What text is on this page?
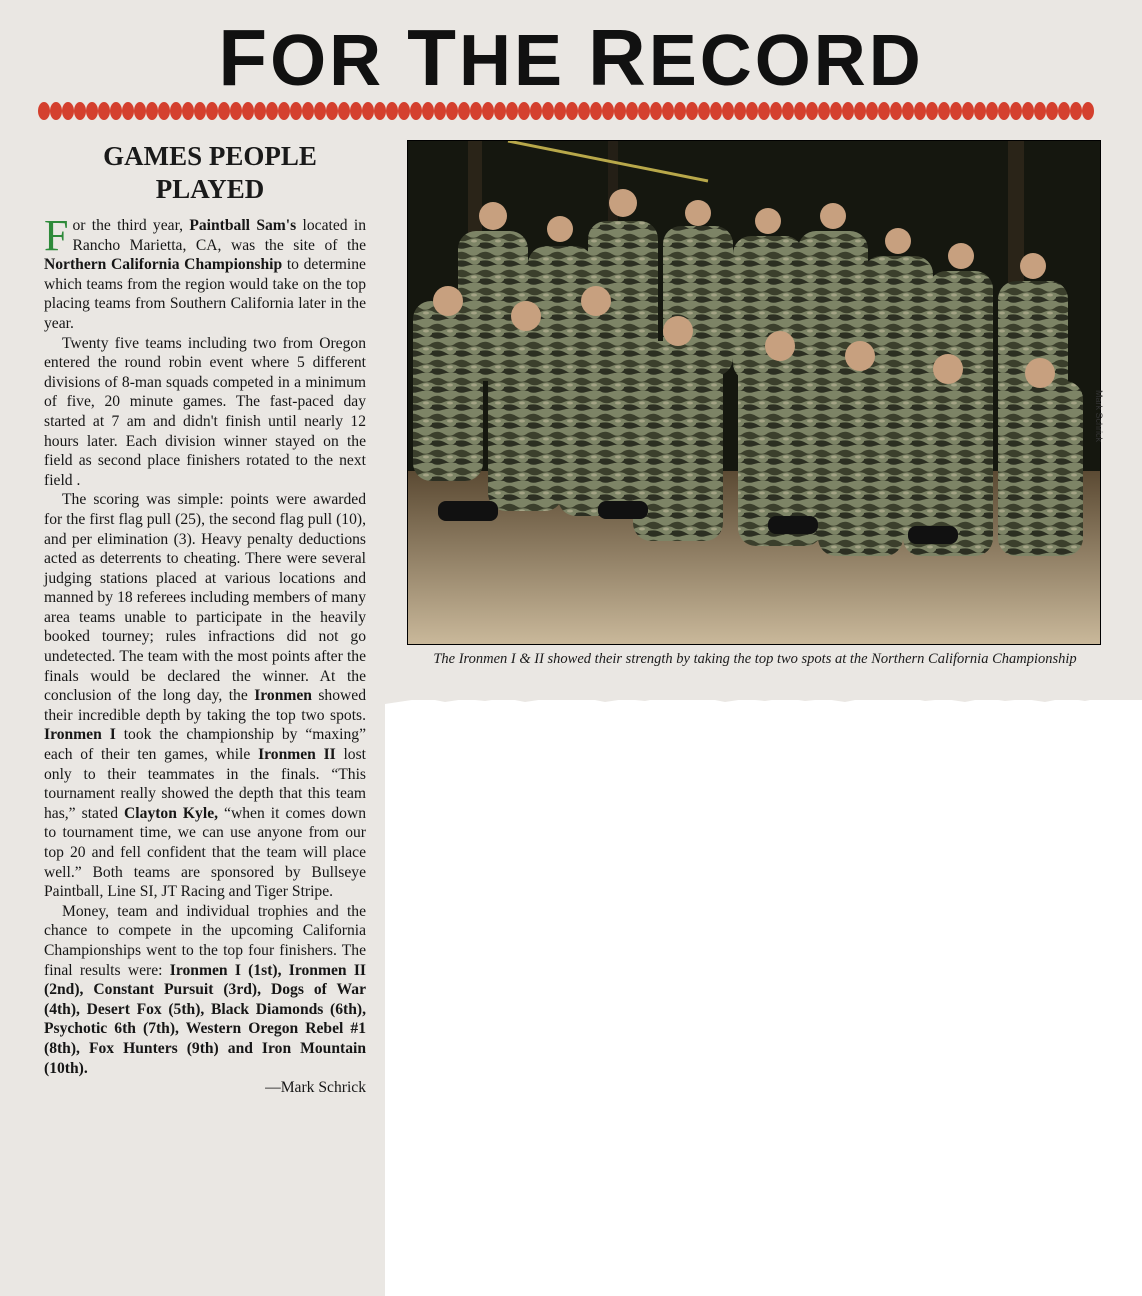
FOR THE RECORD
GAMES PEOPLE
PLAYED

For the third year, Paintball Sam's located in Rancho Marietta, CA, was the site of the Northern California Championship to determine which teams from the region would take on the top placing teams from Southern California later in the year.

Twenty five teams including two from Oregon entered the round robin event where 5 different divisions of 8-man squads competed in a minimum of five, 20 minute games. The fast-paced day started at 7 am and didn't finish until nearly 12 hours later. Each division winner stayed on the field as second place finishers rotated to the next field .

The scoring was simple: points were awarded for the first flag pull (25), the second flag pull (10), and per elimination (3). Heavy penalty deductions acted as deterrents to cheating. There were several judging stations placed at various locations and manned by 18 referees including members of many area teams unable to participate in the heavily booked tourney; rules infractions did not go undetected. The team with the most points after the finals would be declared the winner. At the conclusion of the long day, the Ironmen showed their incredible depth by taking the top two spots. Ironmen I took the championship by “maxing” each of their ten games, while Ironmen II lost only to their teammates in the finals. “This tournament really showed the depth that this team has,” stated Clayton Kyle, “when it comes down to tournament time, we can use anyone from our top 20 and fell confident that the team will place well.” Both teams are sponsored by Bullseye Paintball, Line SI, JT Racing and Tiger Stripe.

Money, team and individual trophies and the chance to compete in the upcoming California Championships went to the top four finishers. The final results were: Ironmen I (1st), Ironmen II (2nd), Constant Pursuit (3rd), Dogs of War (4th), Desert Fox (5th), Black Diamonds (6th), Psychotic 6th (7th), Western Oregon Rebel #1 (8th), Fox Hunters (9th) and Iron Mountain (10th).

—Mark Schrick
Mark Schrick
The Ironmen I & II showed their strength by taking the top two spots at the Northern California Championship
